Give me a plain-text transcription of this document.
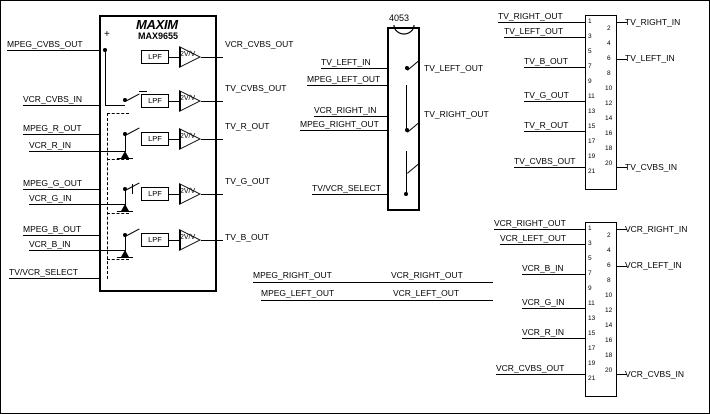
MAXIM
MAX9655
+
MPEG_CVBS_OUT
VCR_CVBS_IN
MPEG_R_OUT
VCR_R_IN
MPEG_G_OUT
VCR_G_IN
MPEG_B_OUT
VCR_B_IN
TV/VCR_SELECT
LPF
LPF
LPF
LPF
LPF
2V/V
2V/V
2V/V
2V/V
2V/V
VCR_CVBS_OUT
TV_CVBS_OUT
TV_R_OUT
TV_G_OUT
TV_B_OUT
4053
TV_LEFT_IN
MPEG_LEFT_OUT
VCR_RIGHT_IN
MPEG_RIGHT_OUT
TV/VCR_SELECT
TV_LEFT_OUT
TV_RIGHT_OUT
MPEG_RIGHT_OUT	VCR_RIGHT_OUT
MPEG_LEFT_OUT	VCR_LEFT_OUT
1
3
5
7
9
11
13
15
17
19
21
2
4
6
8
10
12
14
16
18
20
TV_RIGHT_OUT
TV_LEFT_OUT
TV_B_OUT
TV_G_OUT
TV_R_OUT
TV_CVBS_OUT
TV_RIGHT_IN
TV_LEFT_IN
TV_CVBS_IN
1
3
5
7
9
11
13
15
17
19
21
2
4
6
8
10
12
14
16
18
20
VCR_RIGHT_OUT
VCR_LEFT_OUT
VCR_B_IN
VCR_G_IN
VCR_R_IN
VCR_CVBS_OUT
VCR_RIGHT_IN
VCR_LEFT_IN
VCR_CVBS_IN
